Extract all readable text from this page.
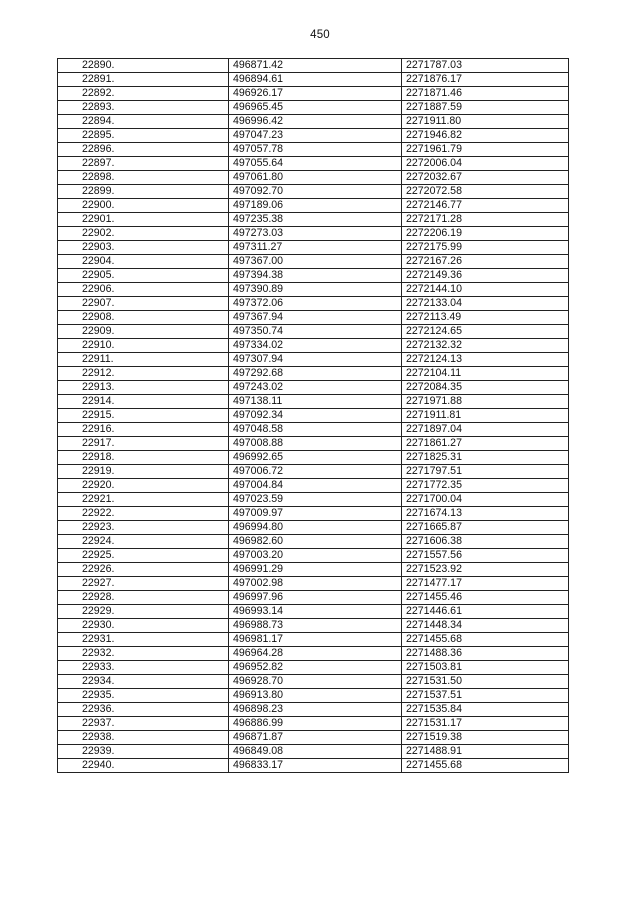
450
22890.	496871.42	2271787.03
22891.	496894.61	2271876.17
22892.	496926.17	2271871.46
22893.	496965.45	2271887.59
22894.	496996.42	2271911.80
22895.	497047.23	2271946.82
22896.	497057.78	2271961.79
22897.	497055.64	2272006.04
22898.	497061.80	2272032.67
22899.	497092.70	2272072.58
22900.	497189.06	2272146.77
22901.	497235.38	2272171.28
22902.	497273.03	2272206.19
22903.	497311.27	2272175.99
22904.	497367.00	2272167.26
22905.	497394.38	2272149.36
22906.	497390.89	2272144.10
22907.	497372.06	2272133.04
22908.	497367.94	2272113.49
22909.	497350.74	2272124.65
22910.	497334.02	2272132.32
22911.	497307.94	2272124.13
22912.	497292.68	2272104.11
22913.	497243.02	2272084.35
22914.	497138.11	2271971.88
22915.	497092.34	2271911.81
22916.	497048.58	2271897.04
22917.	497008.88	2271861.27
22918.	496992.65	2271825.31
22919.	497006.72	2271797.51
22920.	497004.84	2271772.35
22921.	497023.59	2271700.04
22922.	497009.97	2271674.13
22923.	496994.80	2271665.87
22924.	496982.60	2271606.38
22925.	497003.20	2271557.56
22926.	496991.29	2271523.92
22927.	497002.98	2271477.17
22928.	496997.96	2271455.46
22929.	496993.14	2271446.61
22930.	496988.73	2271448.34
22931.	496981.17	2271455.68
22932.	496964.28	2271488.36
22933.	496952.82	2271503.81
22934.	496928.70	2271531.50
22935.	496913.80	2271537.51
22936.	496898.23	2271535.84
22937.	496886.99	2271531.17
22938.	496871.87	2271519.38
22939.	496849.08	2271488.91
22940.	496833.17	2271455.68
